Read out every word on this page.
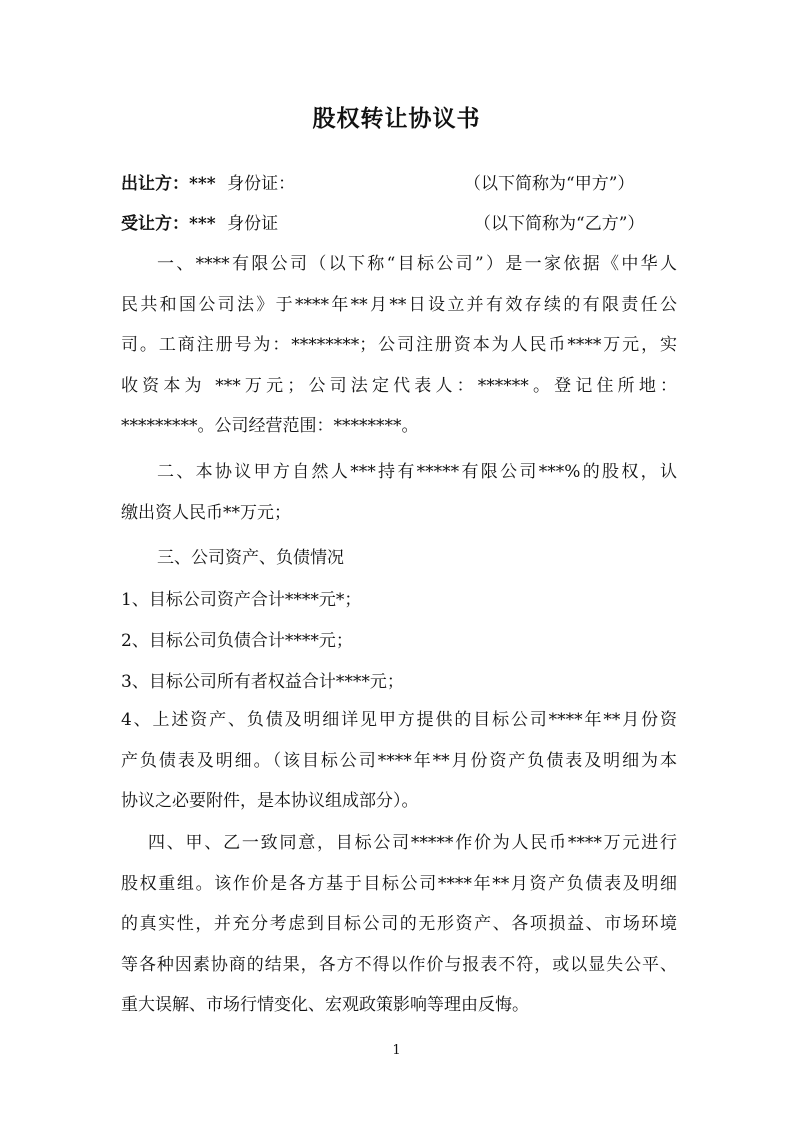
股权转让协议书
出让方：*** 身份证：	（以下简称为“甲方”）
受让方：*** 身份证	（以下简称为“乙方”）
一、****有限公司（以下称“目标公司”）是一家依据《中华人
民共和国公司法》于****年**月**日设立并有效存续的有限责任公
司。工商注册号为：********；公司注册资本为人民币****万元，实
收资本为 ***万元；公司法定代表人：******。登记住所地：
*********。公司经营范围：********。
二、本协议甲方自然人***持有*****有限公司***%的股权，认
缴出资人民币**万元；
三、公司资产、负债情况
1、目标公司资产合计****元*；
2、目标公司负债合计****元；
3、目标公司所有者权益合计****元；
4、上述资产、负债及明细详见甲方提供的目标公司****年**月份资
产负债表及明细。（该目标公司****年**月份资产负债表及明细为本
协议之必要附件，是本协议组成部分）。
四、甲、乙一致同意，目标公司*****作价为人民币****万元进行
股权重组。该作价是各方基于目标公司****年**月资产负债表及明细
的真实性，并充分考虑到目标公司的无形资产、各项损益、市场环境
等各种因素协商的结果，各方不得以作价与报表不符，或以显失公平、
重大误解、市场行情变化、宏观政策影响等理由反悔。
1
